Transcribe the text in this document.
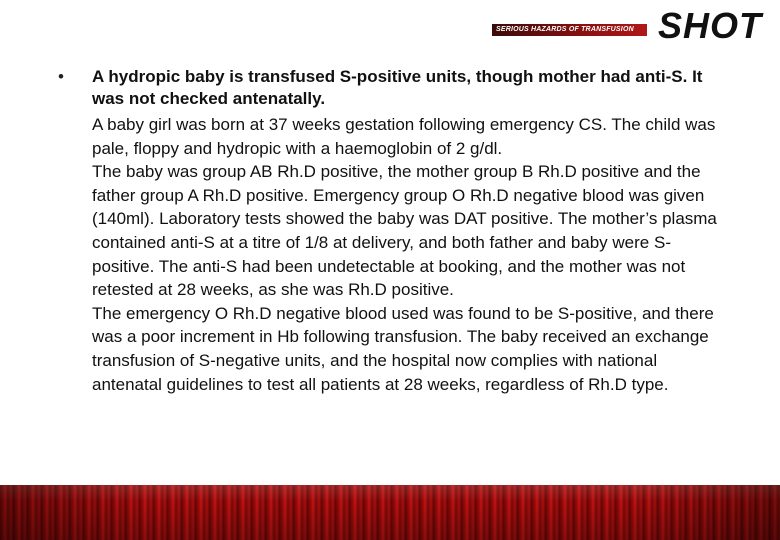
SERIOUS HAZARDS OF TRANSFUSION SHOT
•	A hydropic baby is transfused S-positive units, though mother had anti-S. It was not checked antenatally.

A baby girl was born at 37 weeks gestation following emergency CS. The child was pale, floppy and hydropic with a haemoglobin of 2 g/dl.

The baby was group AB Rh.D positive, the mother group B Rh.D positive and the father group A Rh.D positive. Emergency group O Rh.D negative blood was given (140ml). Laboratory tests showed the baby was DAT positive. The mother’s plasma contained anti-S at a titre of 1/8 at delivery, and both father and baby were S-positive. The anti-S had been undetectable at booking, and the mother was not retested at 28 weeks, as she was Rh.D positive.

The emergency O Rh.D negative blood used was found to be S-positive, and there was a poor increment in Hb following transfusion. The baby received an exchange transfusion of S-negative units, and the hospital now complies with national antenatal guidelines to test all patients at 28 weeks, regardless of Rh.D type.
